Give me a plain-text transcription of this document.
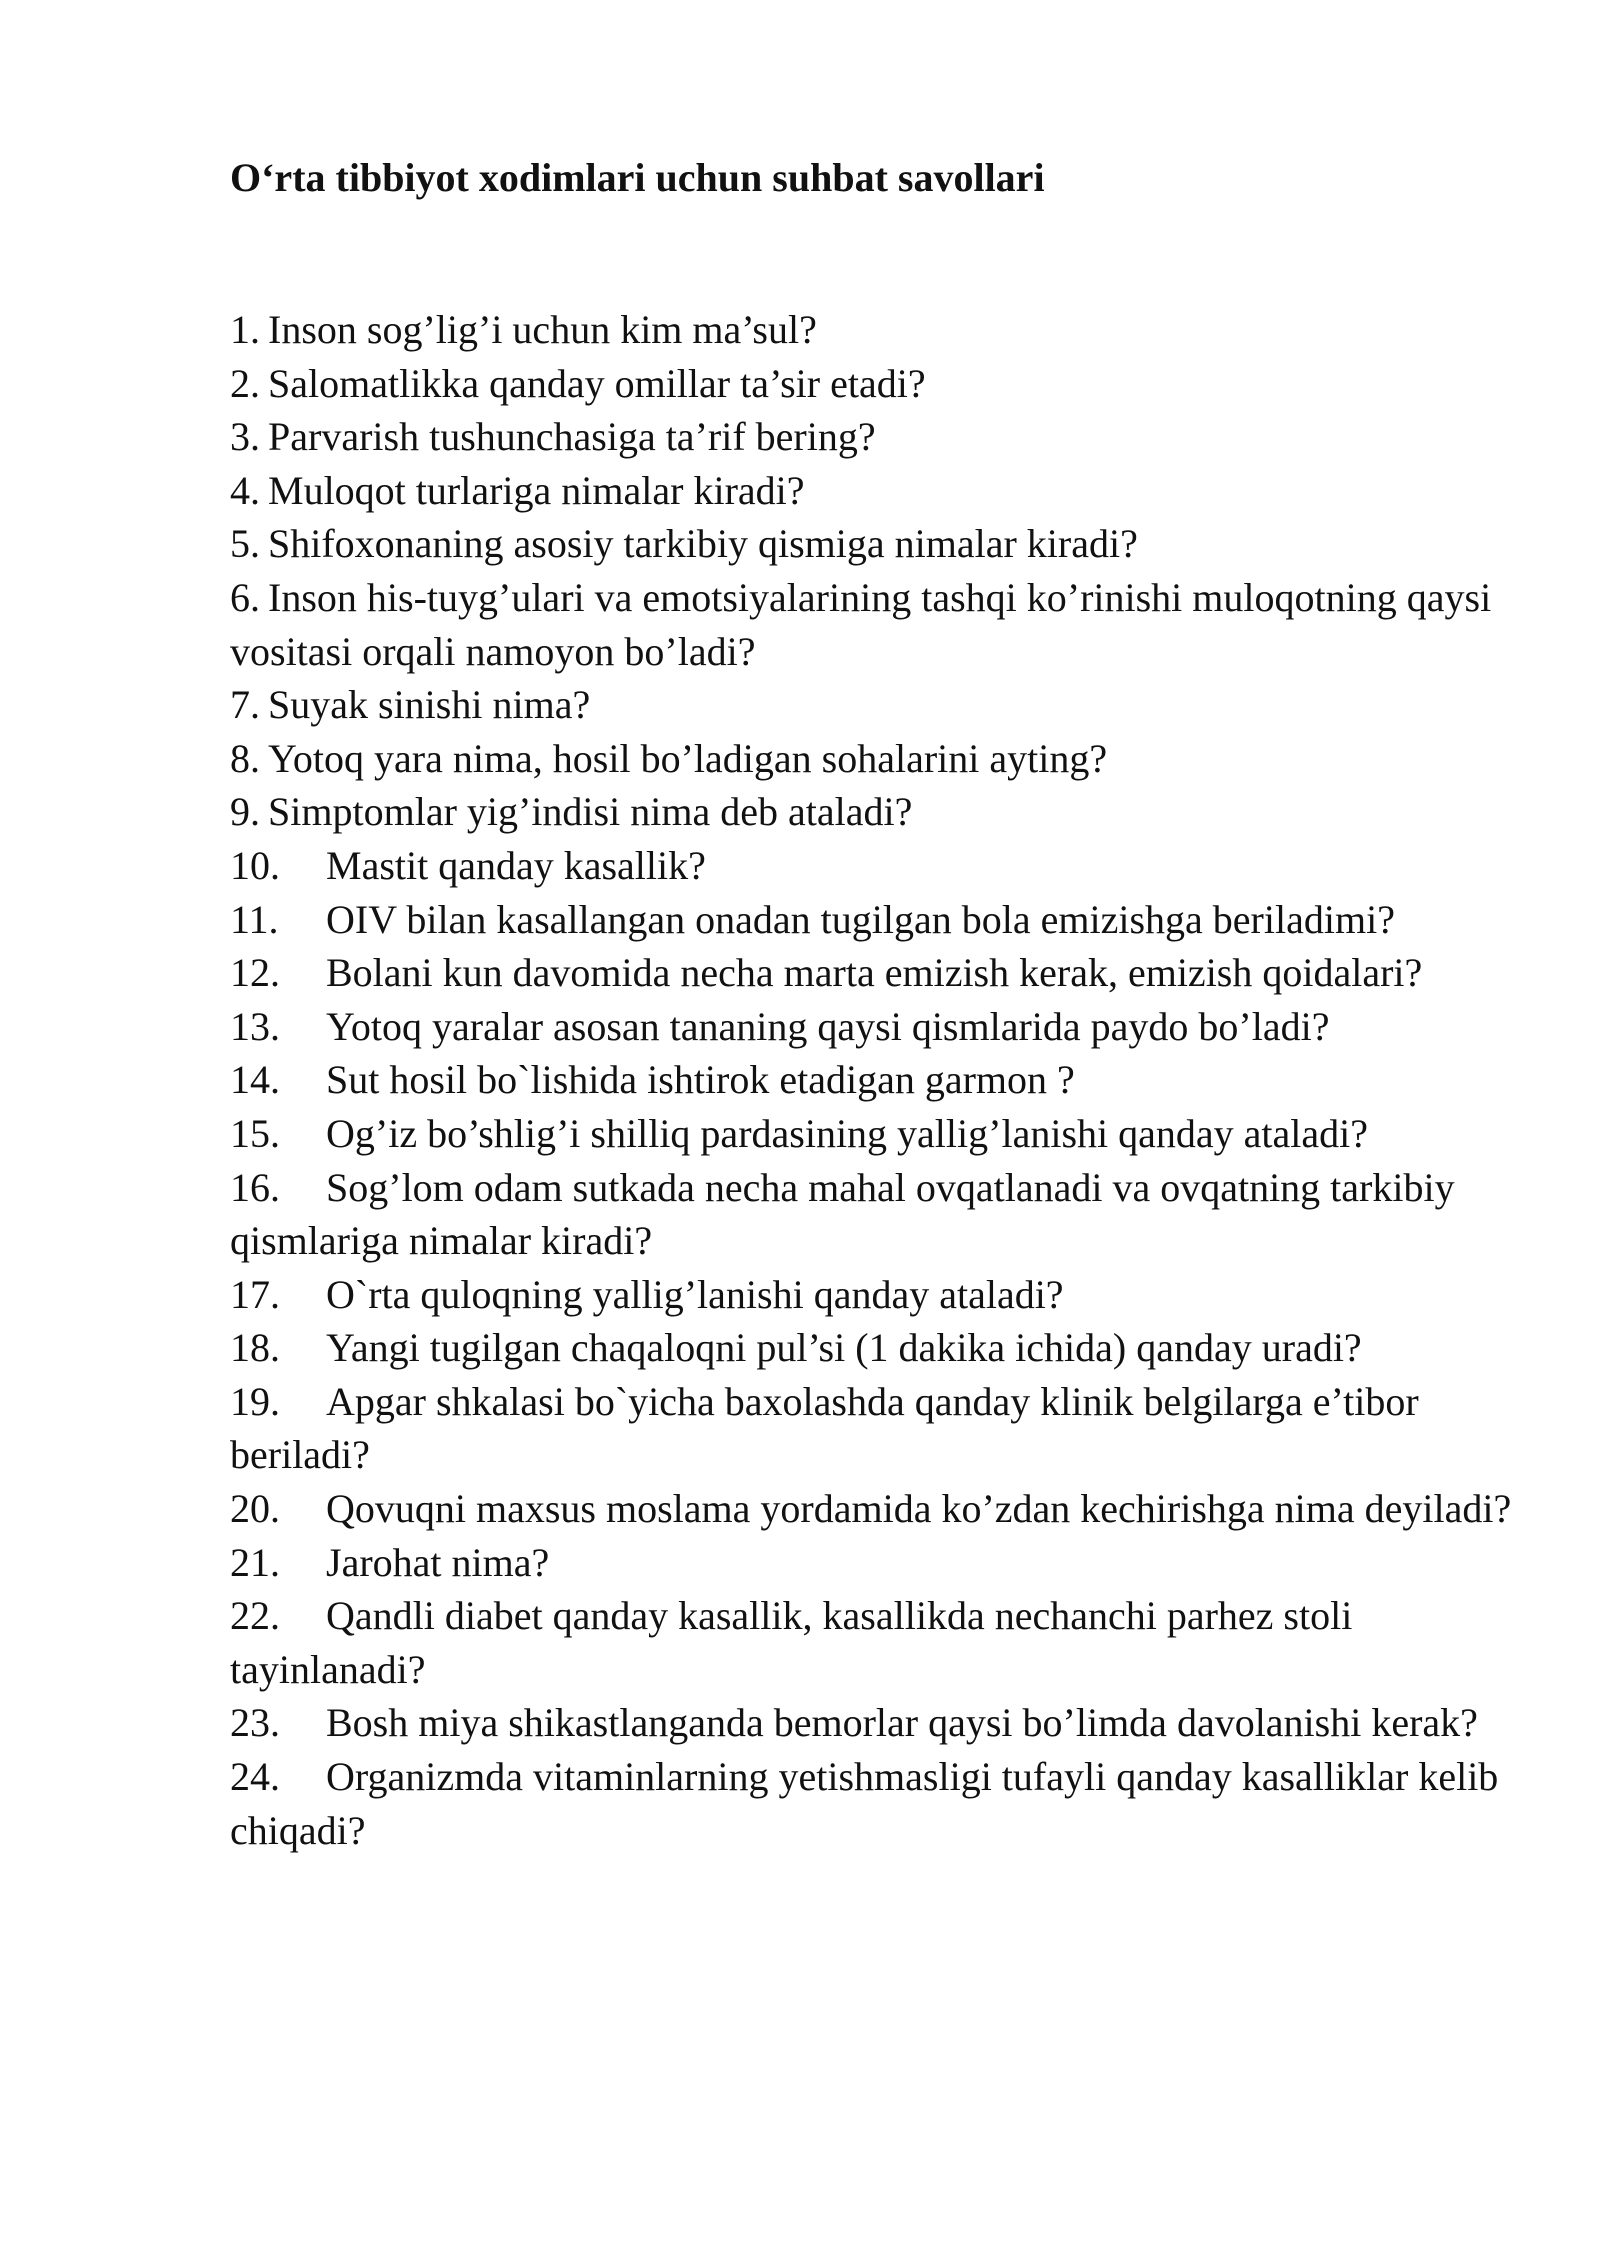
O‘rta tibbiyot xodimlari uchun suhbat savollari
1. Inson sog’lig’i uchun kim ma’sul?
2. Salomatlikka qanday omillar ta’sir etadi?
3. Parvarish tushunchasiga ta’rif bering?
4. Muloqot turlariga nimalar kiradi?
5. Shifoxonaning asosiy tarkibiy qismiga nimalar kiradi?
6. Inson his-tuyg’ulari va emotsiyalarining tashqi ko’rinishi muloqotning qaysi vositasi orqali namoyon bo’ladi?
7. Suyak sinishi nima?
8. Yotoq yara nima, hosil bo’ladigan sohalarini ayting?
9. Simptomlar yig’indisi nima deb ataladi?
10. Mastit qanday kasallik?
11. OIV bilan kasallangan onadan tugilgan bola emizishga beriladimi?
12. Bolani kun davomida necha marta emizish kerak, emizish qoidalari?
13. Yotoq yaralar asosan tananing qaysi qismlarida paydo bo’ladi?
14. Sut hosil bo`lishida ishtirok etadigan garmon ?
15. Og’iz bo’shlig’i shilliq pardasining yallig’lanishi qanday ataladi?
16. Sog’lom odam sutkada necha mahal ovqatlanadi va ovqatning tarkibiy qismlariga nimalar kiradi?
17. O`rta quloqning yallig’lanishi qanday ataladi?
18. Yangi tugilgan chaqaloqni pul’si (1 dakika ichida) qanday uradi?
19. Apgar shkalasi bo`yicha baxolashda qanday klinik belgilarga e’tibor beriladi?
20. Qovuqni maxsus moslama yordamida ko’zdan kechirishga nima deyiladi?
21. Jarohat nima?
22. Qandli diabet qanday kasallik, kasallikda nechanchi parhez stoli tayinlanadi?
23. Bosh miya shikastlanganda bemorlar qaysi bo’limda davolanishi kerak?
24. Organizmda vitaminlarning yetishmasligi tufayli qanday kasalliklar kelib chiqadi?
